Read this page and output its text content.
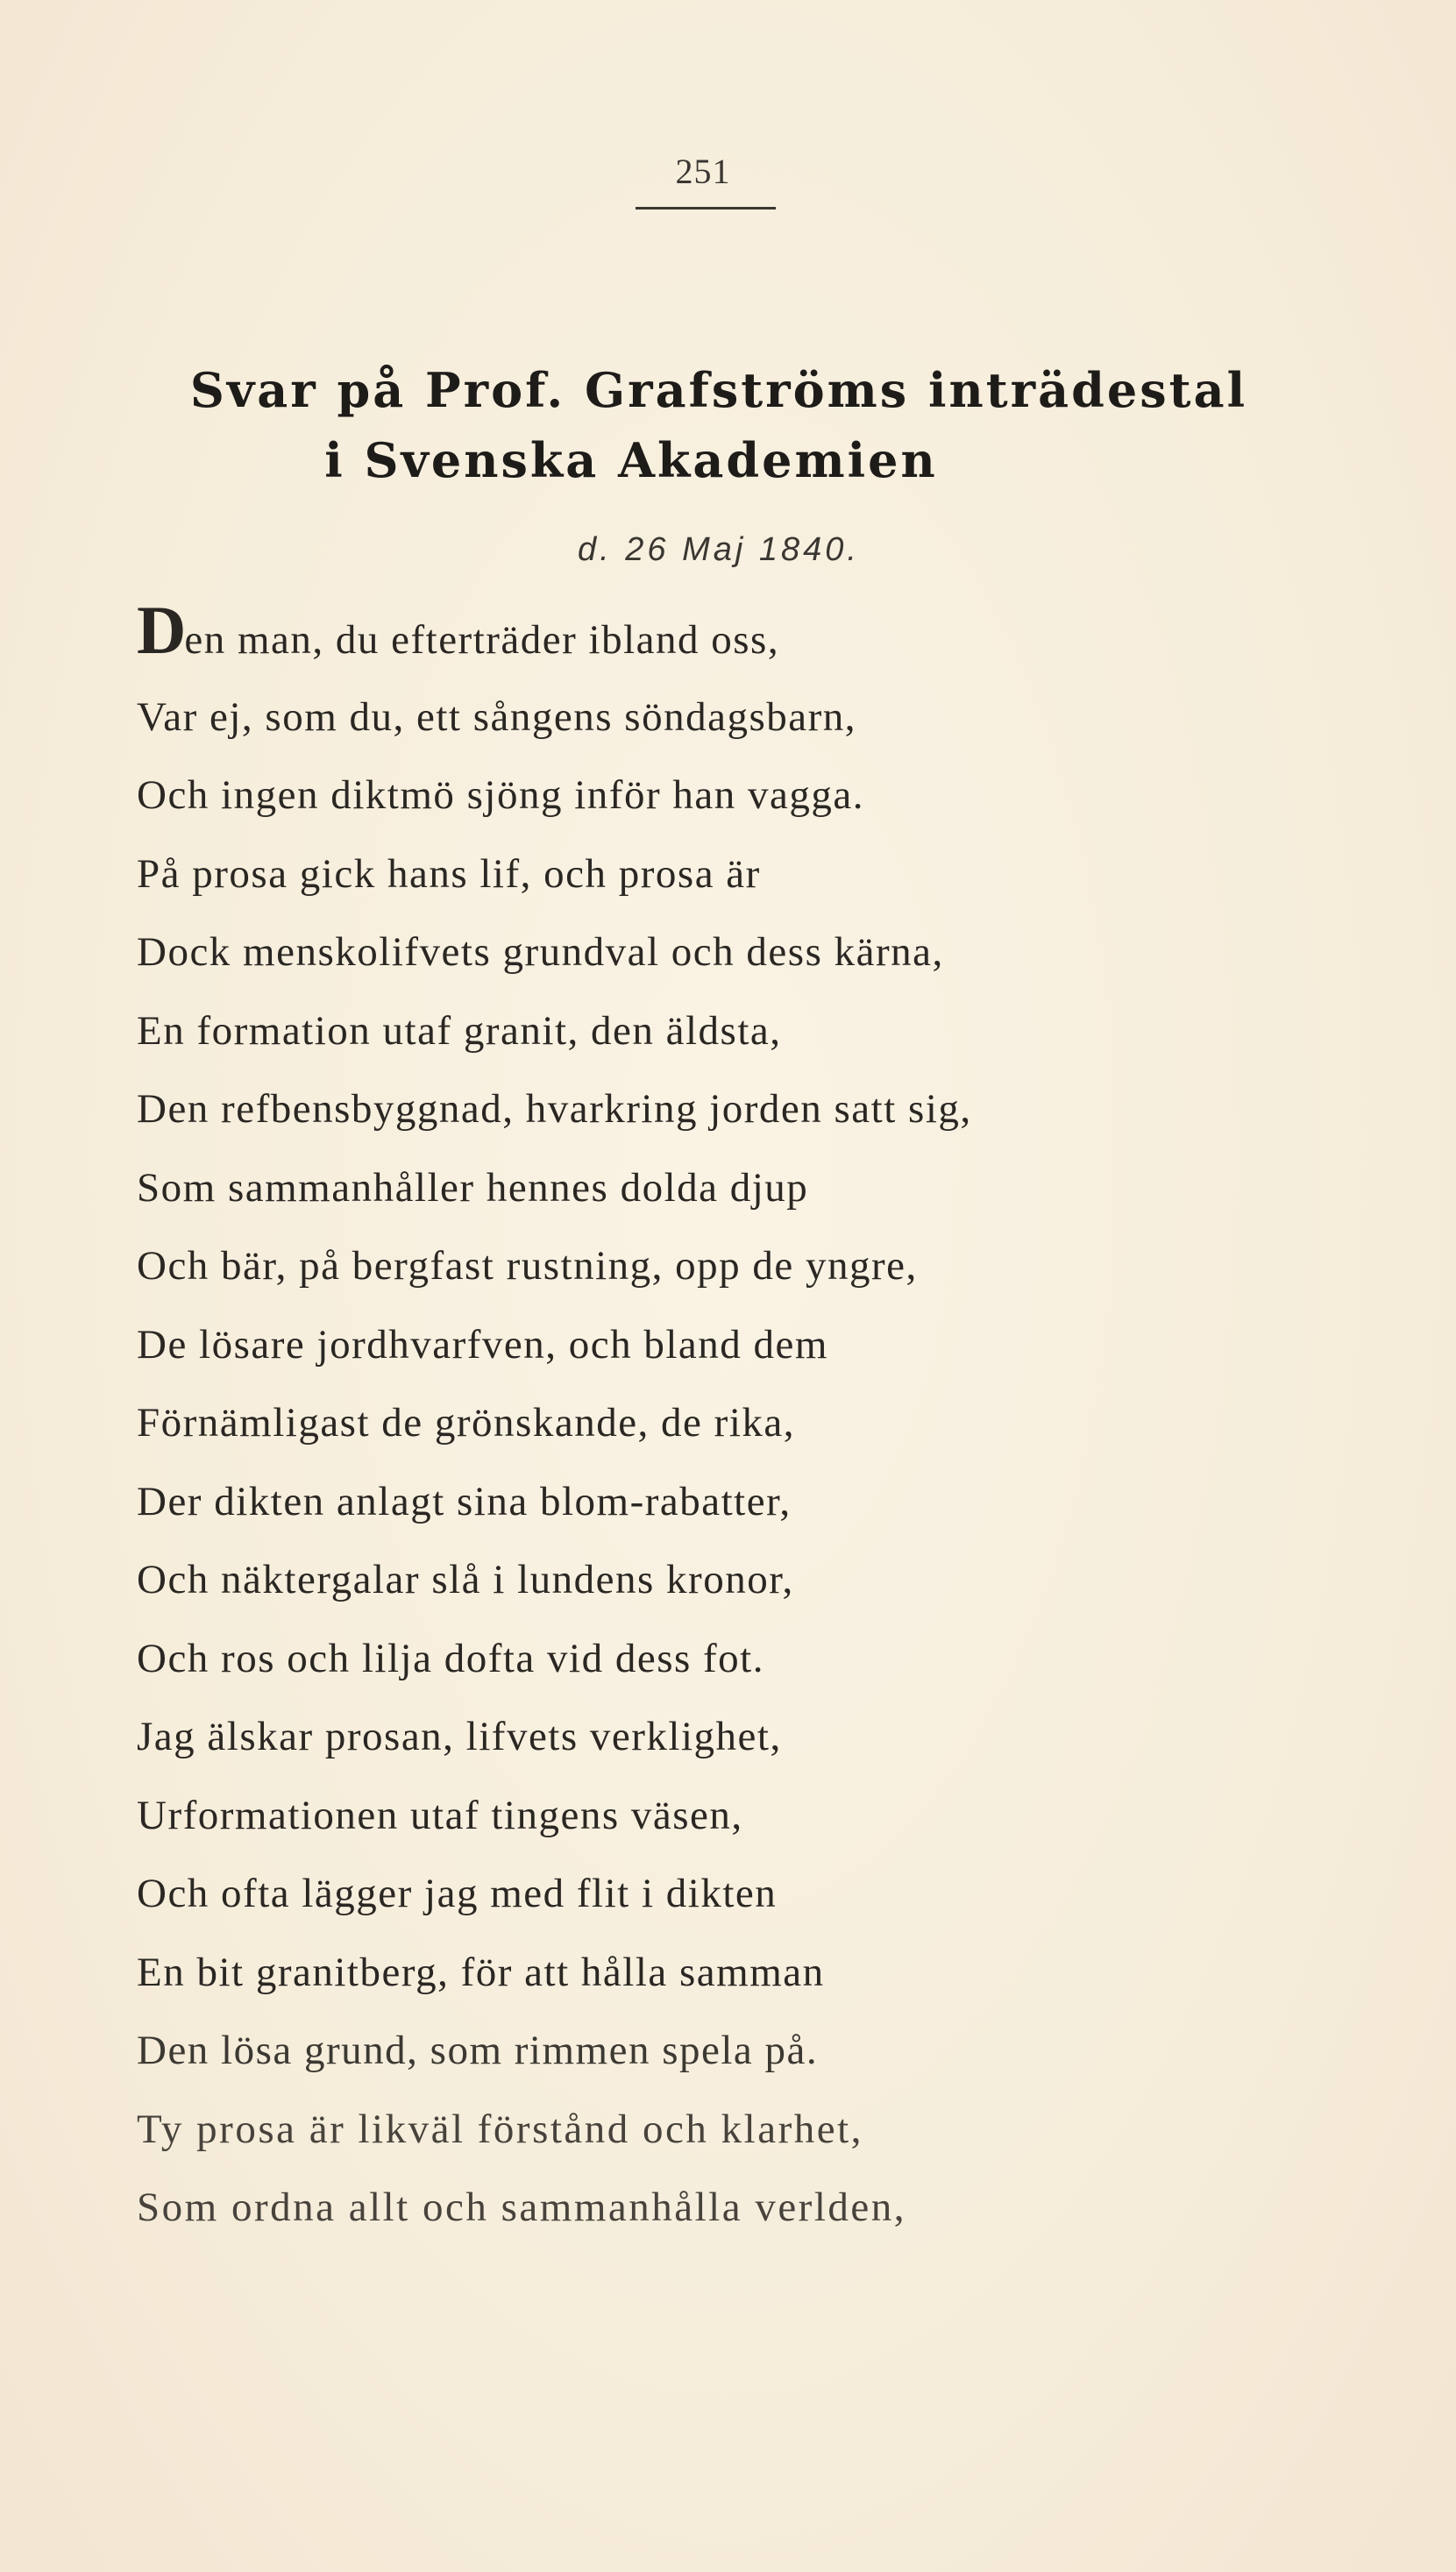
251
Svar på Prof. Grafströms inträdestal
i Svenska Akademien
d. 26 Maj 1840.
Den man, du efterträder ibland oss,
Var ej, som du, ett sångens söndagsbarn,
Och ingen diktmö sjöng inför han vagga.
På prosa gick hans lif, och prosa är
Dock menskolifvets grundval och dess kärna,
En formation utaf granit, den äldsta,
Den refbensbyggnad, hvarkring jorden satt sig,
Som sammanhåller hennes dolda djup
Och bär, på bergfast rustning, opp de yngre,
De lösare jordhvarfven, och bland dem
Förnämligast de grönskande, de rika,
Der dikten anlagt sina blom-rabatter,
Och näktergalar slå i lundens kronor,
Och ros och lilja dofta vid dess fot.
Jag älskar prosan, lifvets verklighet,
Urformationen utaf tingens väsen,
Och ofta lägger jag med flit i dikten
En bit granitberg, för att hålla samman
Den lösa grund, som rimmen spela på.
Ty prosa är likväl förstånd och klarhet,
Som ordna allt och sammanhålla verlden,
